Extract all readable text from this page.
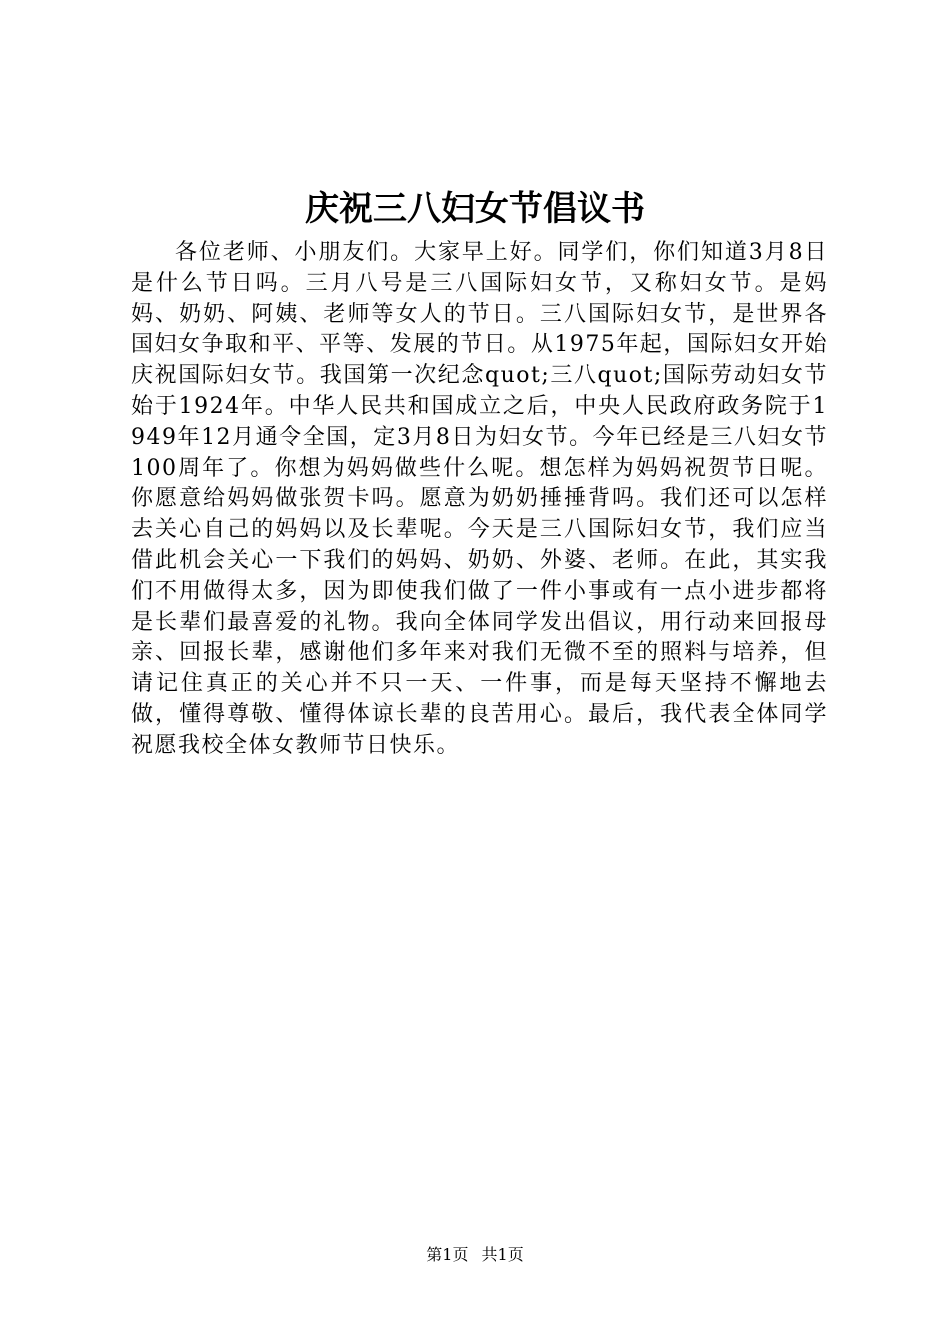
庆祝三八妇女节倡议书

各位老师、小朋友们。大家早上好。同学们，你们知道3月8日是什么节日吗。三月八号是三八国际妇女节，又称妇女节。是妈妈、奶奶、阿姨、老师等女人的节日。三八国际妇女节，是世界各国妇女争取和平、平等、发展的节日。从1975年起，国际妇女开始庆祝国际妇女节。我国第一次纪念quot;三八quot;国际劳动妇女节始于1924年。中华人民共和国成立之后，中央人民政府政务院于1949年12月通令全国，定3月8日为妇女节。今年已经是三八妇女节100周年了。你想为妈妈做些什么呢。想怎样为妈妈祝贺节日呢。你愿意给妈妈做张贺卡吗。愿意为奶奶捶捶背吗。我们还可以怎样去关心自己的妈妈以及长辈呢。今天是三八国际妇女节，我们应当借此机会关心一下我们的妈妈、奶奶、外婆、老师。在此，其实我们不用做得太多，因为即使我们做了一件小事或有一点小进步都将是长辈们最喜爱的礼物。我向全体同学发出倡议，用行动来回报母亲、回报长辈，感谢他们多年来对我们无微不至的照料与培养，但请记住真正的关心并不只一天、一件事，而是每天坚持不懈地去做，懂得尊敬、懂得体谅长辈的良苦用心。最后，我代表全体同学祝愿我校全体女教师节日快乐。

第1页 共1页
